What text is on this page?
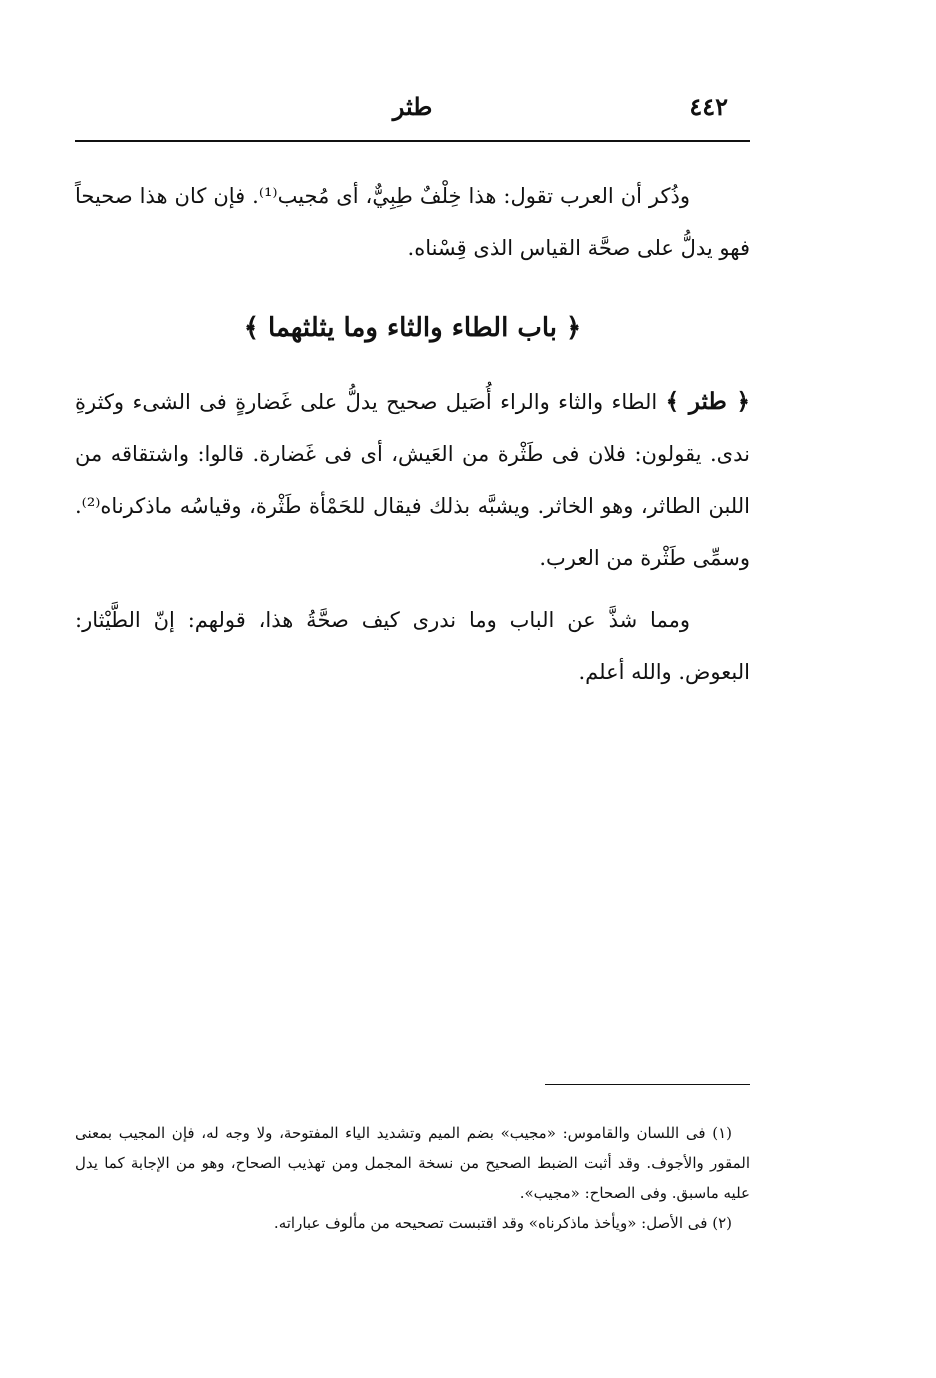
٤٤٢
طثر

وذُكر أن العرب تقول: هذا خِلْفٌ طِبِيٌّ، أى مُجيب⁽¹⁾. فإن كان هذا صحيحاً فهو يدلُّ على صحَّة القياس الذى قِسْناه.

﴿ باب الطاء والثاء وما يثلثهما ﴾

﴿ طثر ﴾ الطاء والثاء والراء أُصَيل صحيح يدلُّ على غَضارةٍ فى الشىء وكثرةِ ندى. يقولون: فلان فى طَثْرة من العَيش، أى فى غَضارة. قالوا: واشتقاقه من اللبن الطاثر، وهو الخاثر. ويشبَّه بذلك فيقال للحَمْأة طَثْرة، وقياسُه ماذكرناه⁽²⁾. وسمِّى طَثْرة من العرب.

ومما شذَّ عن الباب وما ندرى كيف صحَّةُ هذا، قولهم: إنّ الطَّيْثار: البعوض. والله أعلم.

(١) فى اللسان والقاموس: «مجيب» بضم الميم وتشديد الياء المفتوحة، ولا وجه له، فإن المجيب بمعنى المقور والأجوف. وقد أثبت الضبط الصحيح من نسخة المجمل ومن تهذيب الصحاح، وهو من الإجابة كما يدل عليه ماسبق. وفى الصحاح: «مجيب».

(٢) فى الأصل: «ويأخذ ماذكرناه» وقد اقتبست تصحيحه من مألوف عباراته.
